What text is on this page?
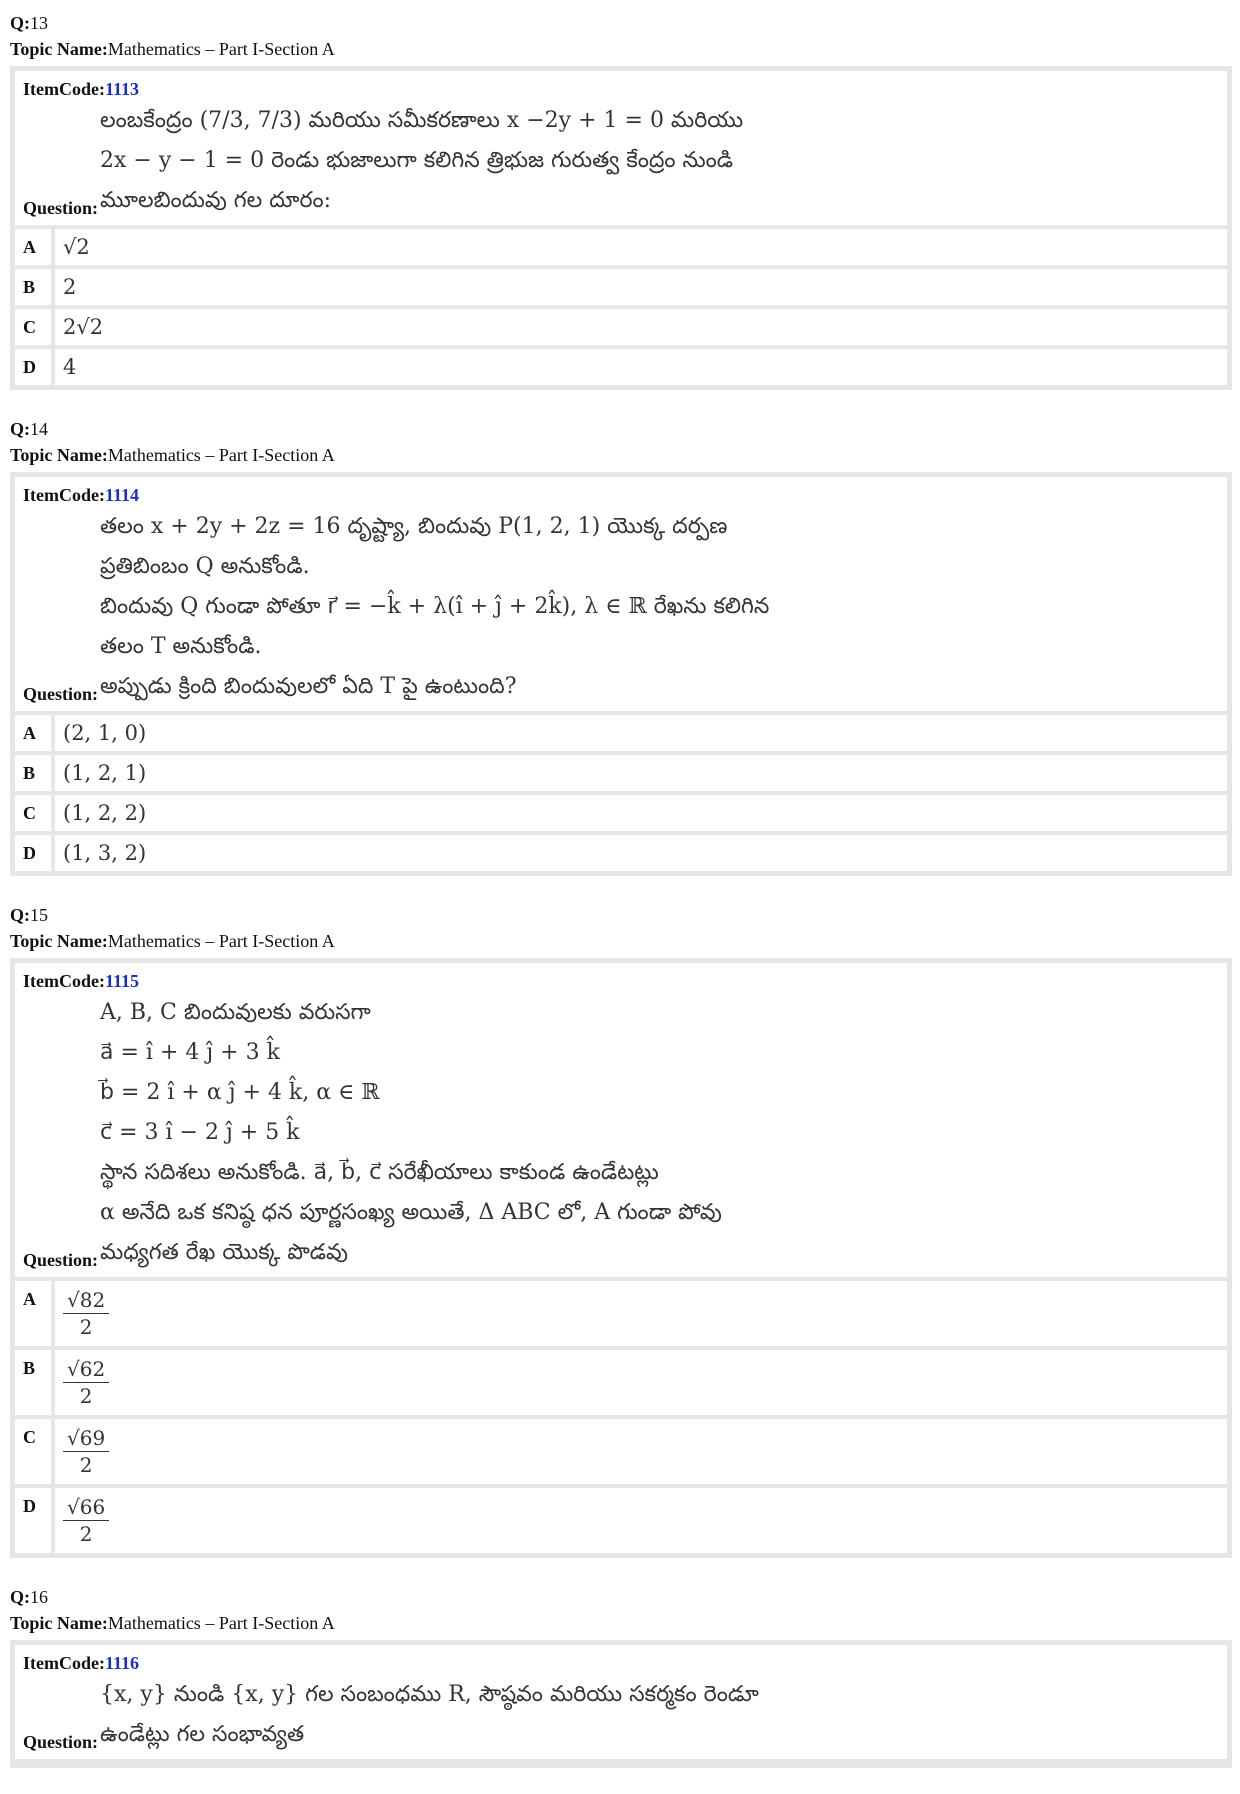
Q:13
Topic Name:Mathematics – Part I-Section A
ItemCode:1113
Question:
లంబకేంద్రం (7/3, 7/3) మరియు సమీకరణాలు x −2y + 1 = 0 మరియు
2x − y − 1 = 0 రెండు భుజాలుగా కలిగిన త్రిభుజ గురుత్వ కేంద్రం నుండి
మూలబిందువు గల దూరం:
A	√2
B	2
C	2√2
D	4
Q:14
Topic Name:Mathematics – Part I-Section A
ItemCode:1114
Question:
తలం x + 2y + 2z = 16 దృష్ట్యా, బిందువు P(1, 2, 1) యొక్క దర్పణ
ప్రతిబింబం Q అనుకోండి.
బిందువు Q గుండా పోతూ r⃗ = −k̂ + λ(î + ĵ + 2k̂), λ ∈ ℝ రేఖను కలిగిన
తలం T అనుకోండి.
అప్పుడు క్రింది బిందువులలో ఏది T పై ఉంటుంది?
A	(2, 1, 0)
B	(1, 2, 1)
C	(1, 2, 2)
D	(1, 3, 2)
Q:15
Topic Name:Mathematics – Part I-Section A
ItemCode:1115
Question:
A, B, C బిందువులకు వరుసగా
a⃗ = î + 4 ĵ + 3 k̂
b⃗ = 2 î + α ĵ + 4 k̂, α ∈ ℝ
c⃗ = 3 î − 2 ĵ + 5 k̂
స్థాన సదిశలు అనుకోండి. a⃗, b⃗, c⃗ సరేఖీయాలు కాకుండ ఉండేటట్లు
α అనేది ఒక కనిష్ఠ ధన పూర్ణసంఖ్య అయితే, Δ ABC లో, A గుండా పోవు
మధ్యగత రేఖ యొక్క పొడవు
A	$\frac{√82}{2}$
B	$\frac{√62}{2}$
C	$\frac{√69}{2}$
D	$\frac{√66}{2}$
Q:16
Topic Name:Mathematics – Part I-Section A
ItemCode:1116
Question:
{x, y} నుండి {x, y} గల సంబంధము R, సౌష్ఠవం మరియు సకర్మకం రెండూ
ఉండేట్లు గల సంభావ్యత
